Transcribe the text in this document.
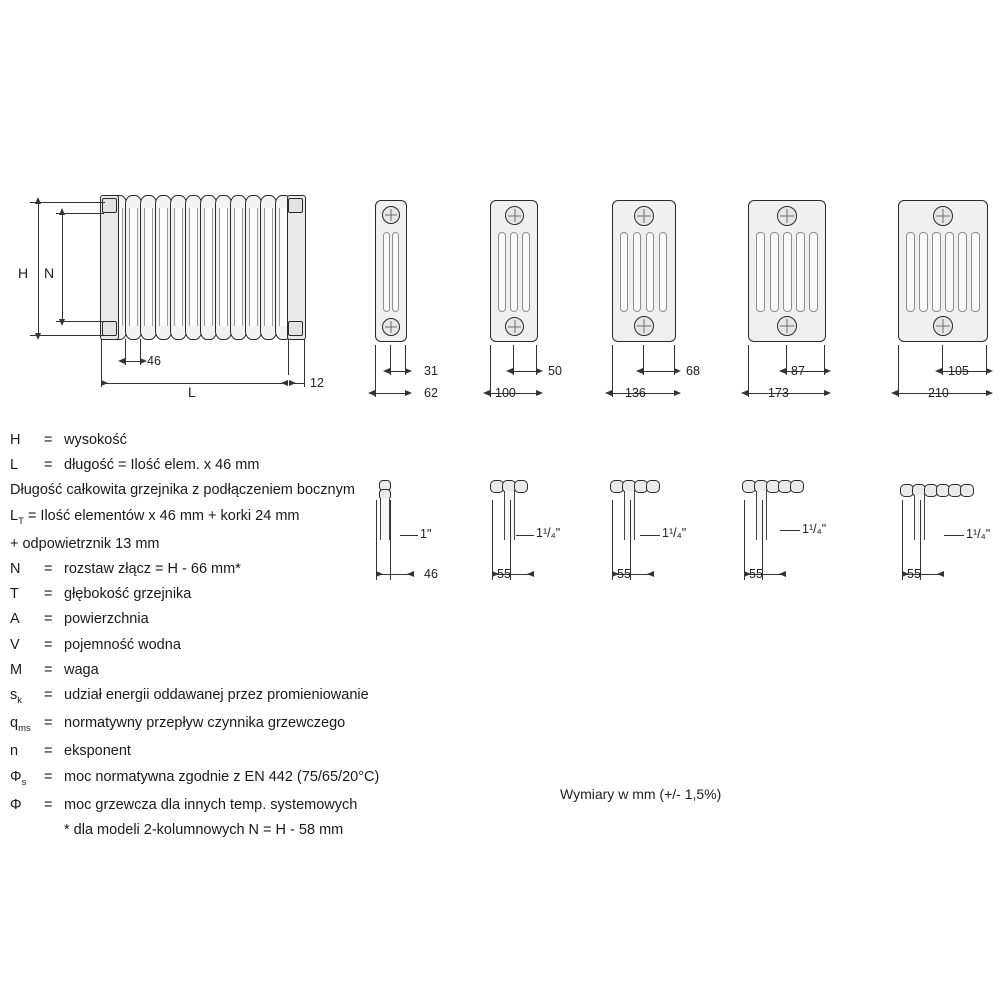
H N
46
L
12
31
62
50
100
68
136
87
173
105
210
1"
46
1¹/₄"
55
1¹/₄"
55
1¹/₄"
55
1¹/₄"
55
H	= wysokość
L	= długość = Ilość elem. x 46 mm
Długość całkowita grzejnika z podłączeniem bocznym
$L_T$ = Ilość elementów x 46 mm + korki 24 mm
+ odpowietrznik 13 mm
N	= rozstaw złącz = H - 66 mm*
T	= głębokość grzejnika
A	= powierzchnia
V	= pojemność wodna
M	= waga
$s_k$	= udział energii oddawanej przez promieniowanie
$q_{ms}$ = normatywny przepływ czynnika grzewczego
n	= eksponent
$\Phi_s$	= moc normatywna zgodnie z EN 442 (75/65/20°C)
Φ	= moc grzewcza dla innych temp. systemowych
* dla modeli 2-kolumnowych N = H - 58 mm
Wymiary w mm (+/- 1,5%)
